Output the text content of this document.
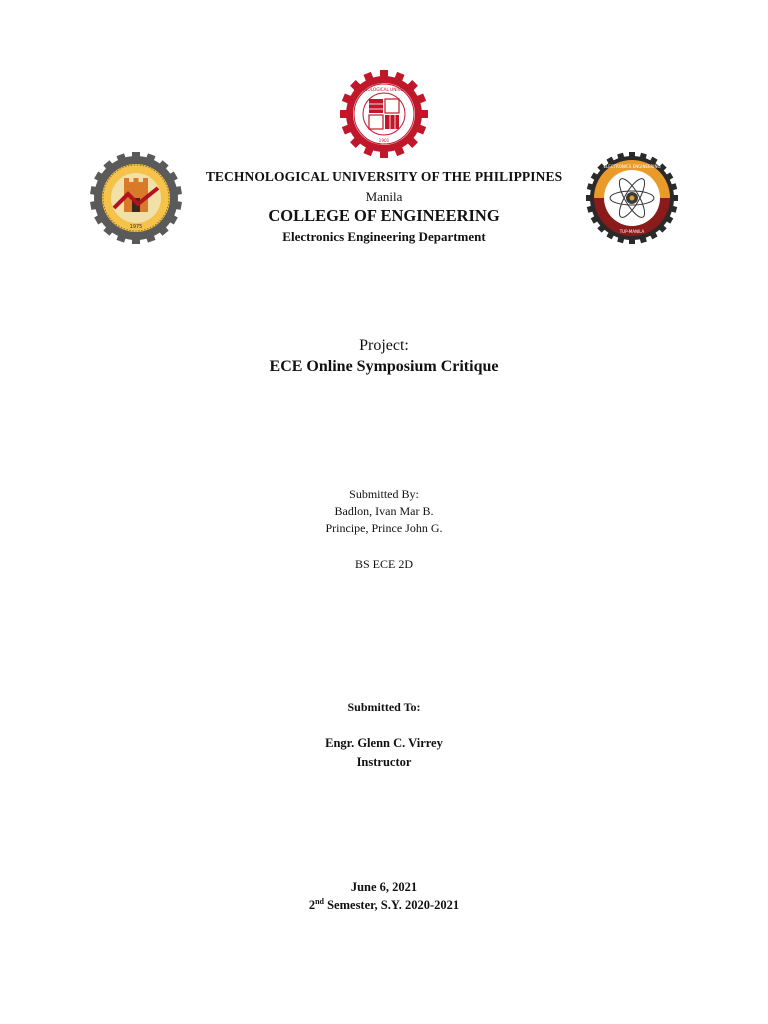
1975
TECHNOLOGICAL UNIVERSITY
1901
ELECTRONICS ENGINEERING
TUP-MANILA
TECHNOLOGICAL UNIVERSITY OF THE PHILIPPINES
Manila
COLLEGE OF ENGINEERING
Electronics Engineering Department
Project:
ECE Online Symposium Critique
Submitted By:
Badlon, Ivan Mar B.
Principe, Prince John G.
BS ECE 2D
Submitted To:
Engr. Glenn C. Virrey
Instructor
June 6, 2021
2nd Semester, S.Y. 2020-2021
